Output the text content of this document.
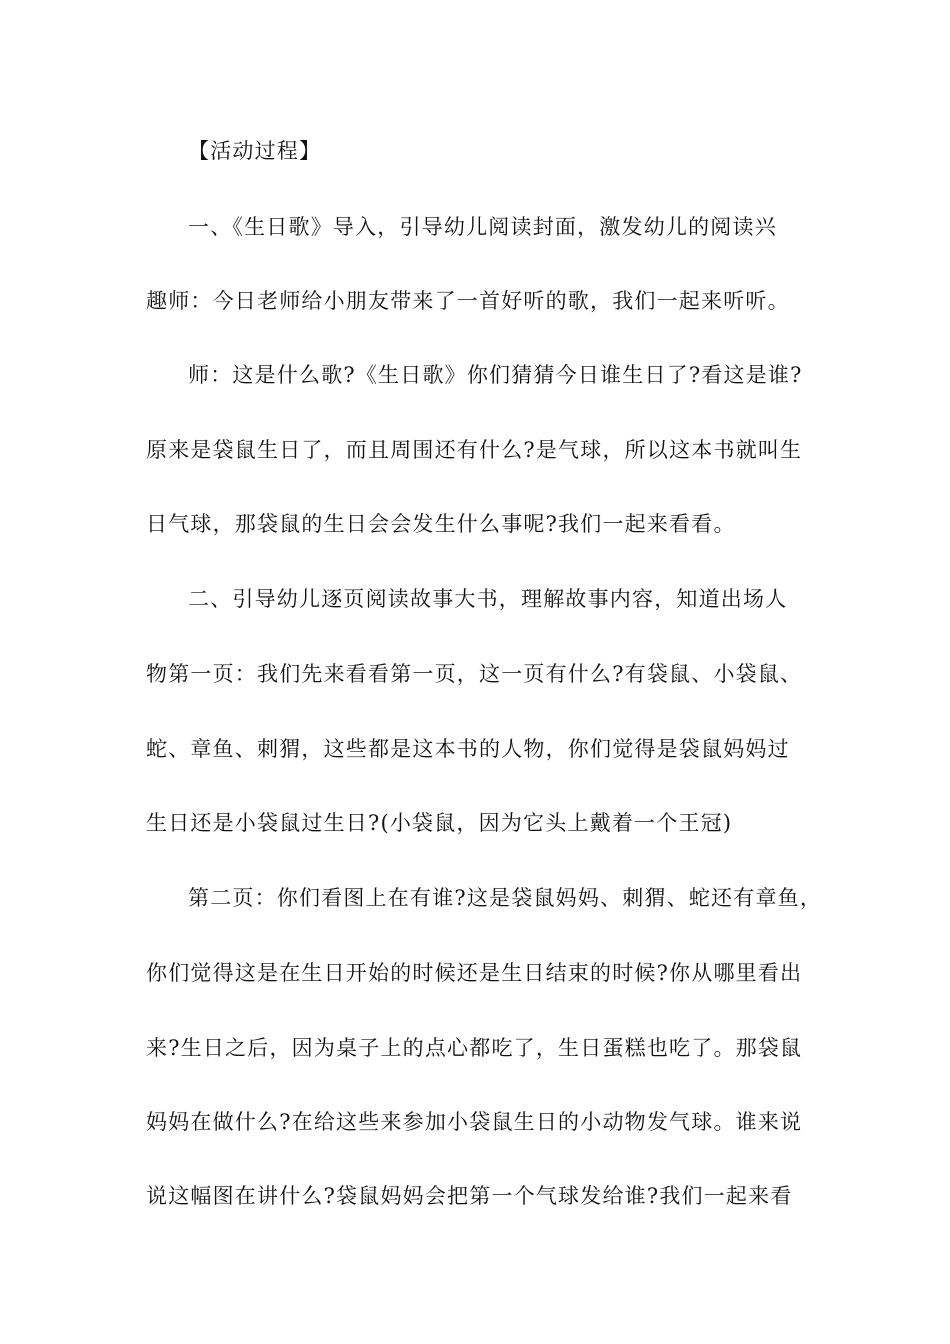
【活动过程】
一、《生日歌》导入，引导幼儿阅读封面，激发幼儿的阅读兴
趣师：今日老师给小朋友带来了一首好听的歌，我们一起来听听。
师：这是什么歌?《生日歌》你们猜猜今日谁生日了?看这是谁?
原来是袋鼠生日了，而且周围还有什么?是气球，所以这本书就叫生
日气球，那袋鼠的生日会会发生什么事呢?我们一起来看看。
二、引导幼儿逐页阅读故事大书，理解故事内容，知道出场人
物第一页：我们先来看看第一页，这一页有什么?有袋鼠、小袋鼠、
蛇、章鱼、刺猬，这些都是这本书的人物，你们觉得是袋鼠妈妈过
生日还是小袋鼠过生日?(小袋鼠，因为它头上戴着一个王冠)
第二页：你们看图上在有谁?这是袋鼠妈妈、刺猬、蛇还有章鱼，
你们觉得这是在生日开始的时候还是生日结束的时候?你从哪里看出
来?生日之后，因为桌子上的点心都吃了，生日蛋糕也吃了。那袋鼠
妈妈在做什么?在给这些来参加小袋鼠生日的小动物发气球。谁来说
说这幅图在讲什么?袋鼠妈妈会把第一个气球发给谁?我们一起来看
